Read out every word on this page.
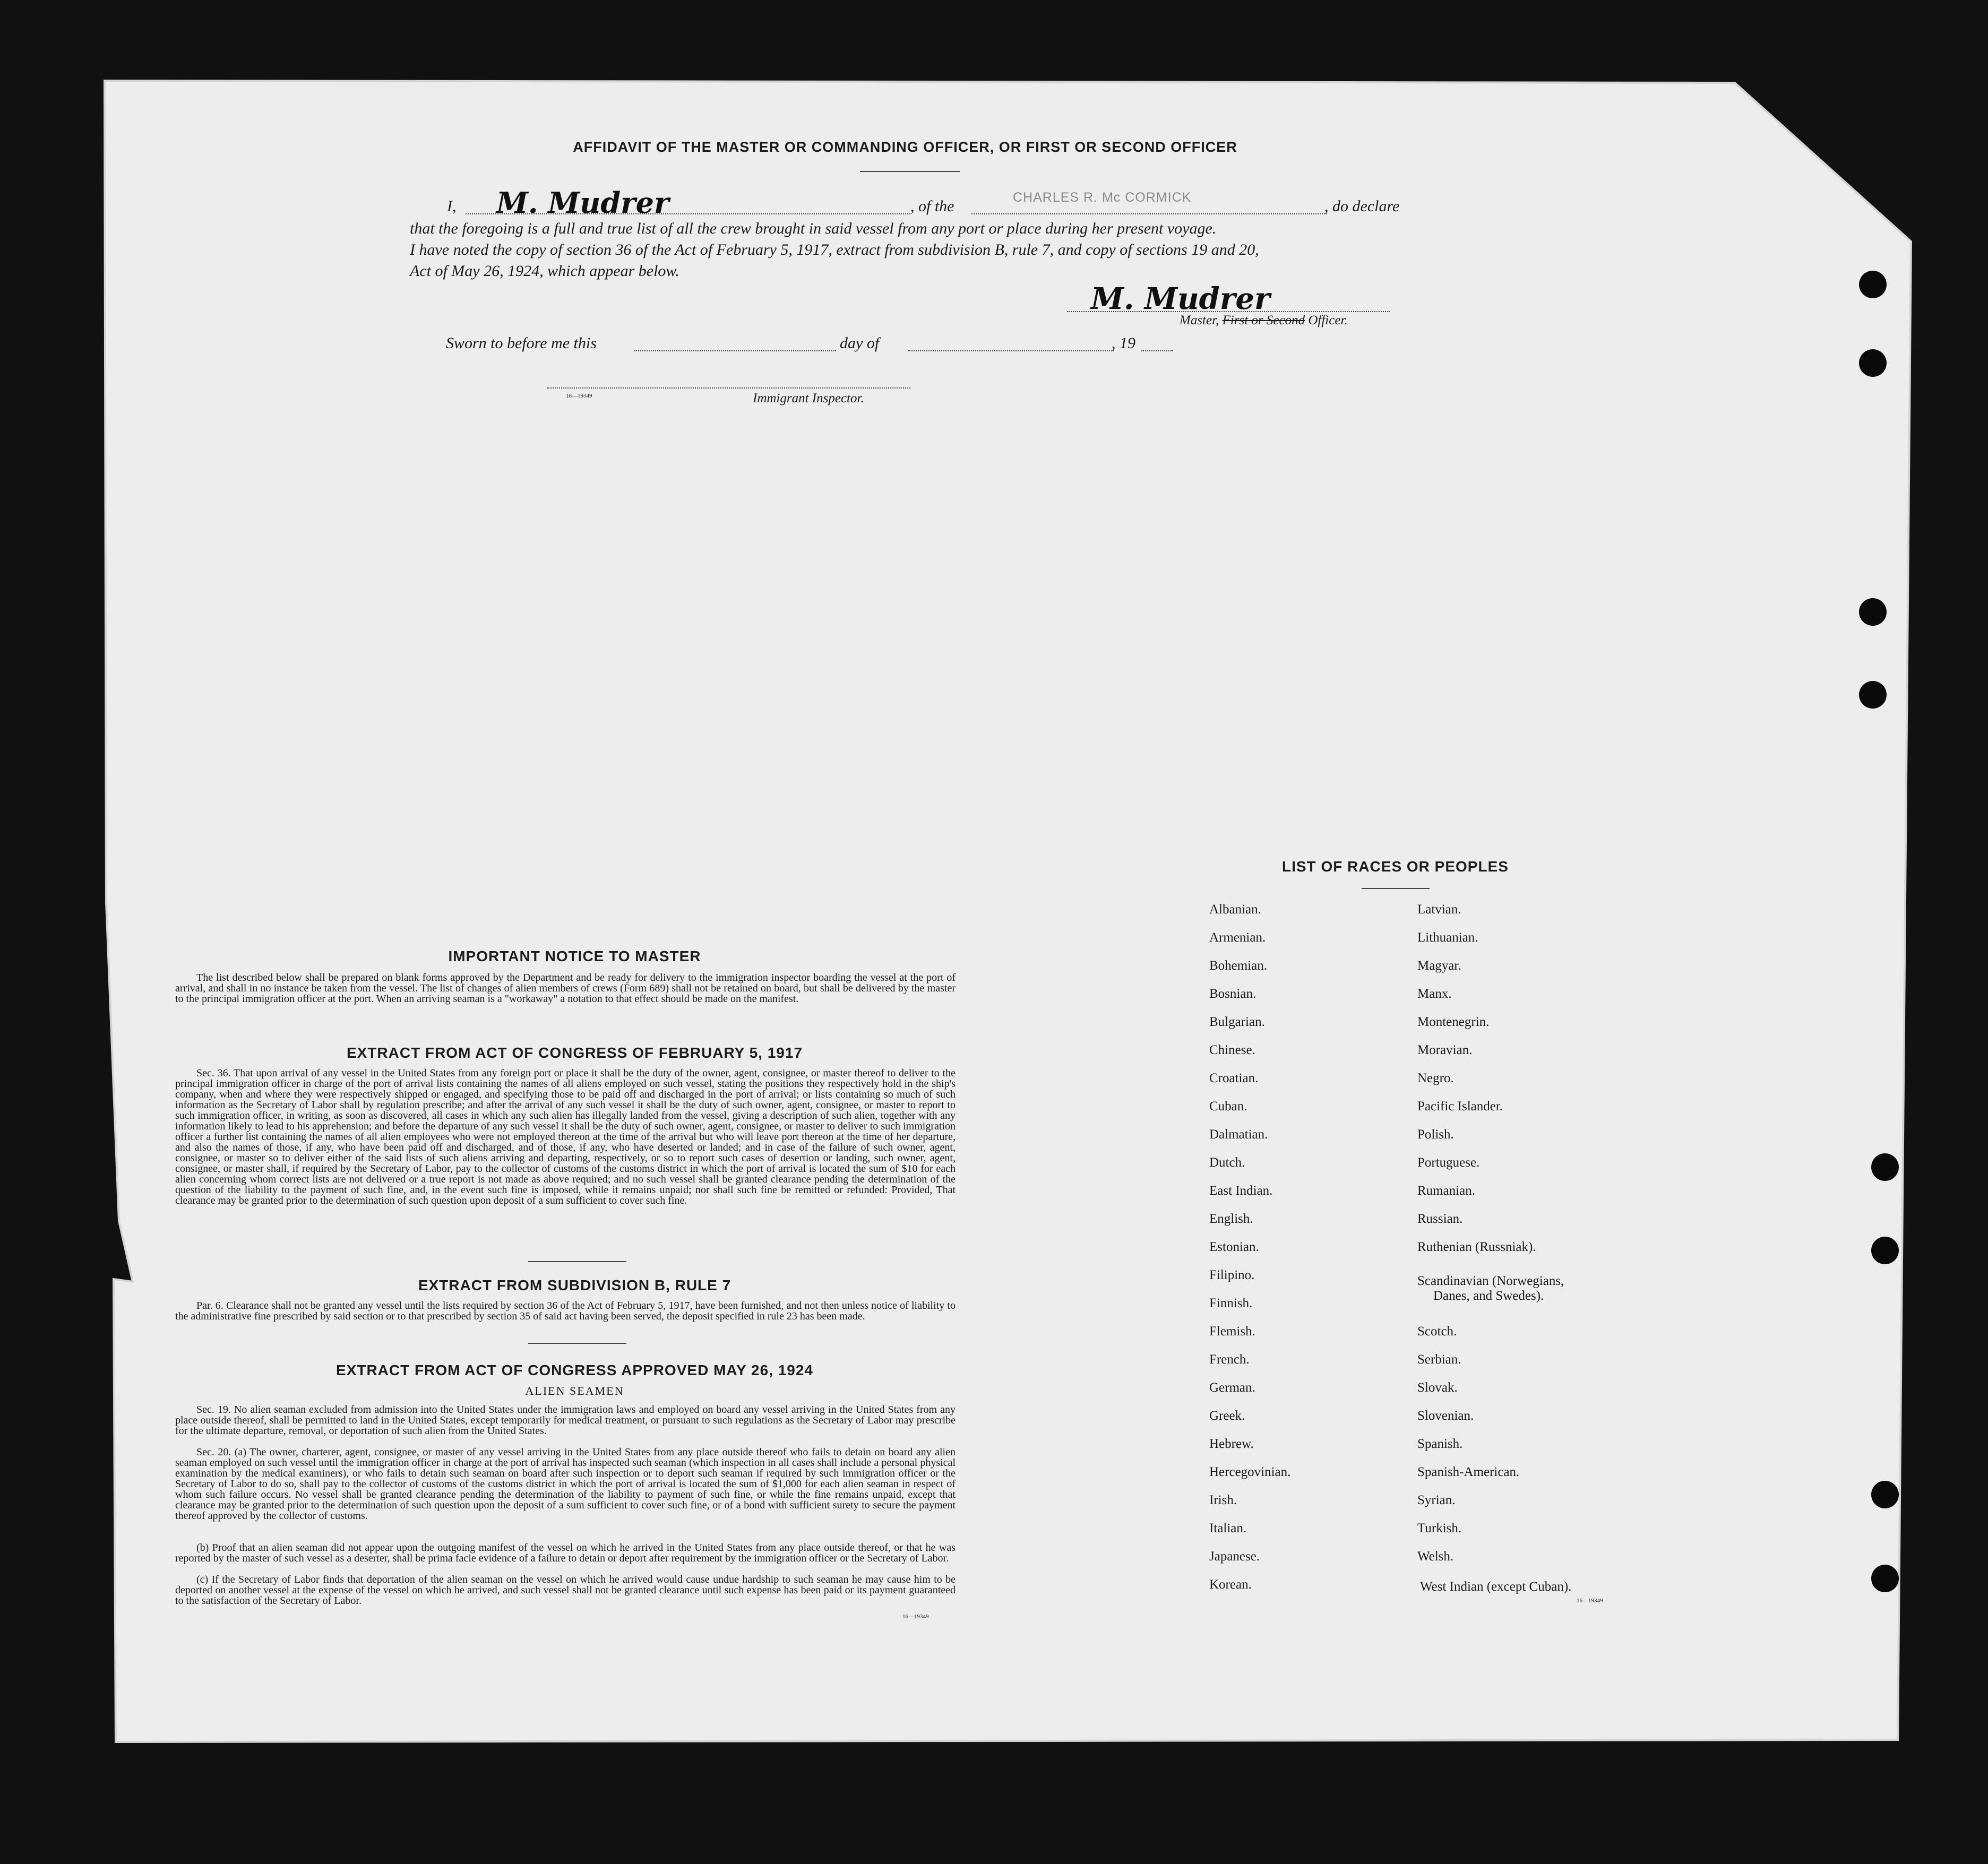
AFFIDAVIT OF THE MASTER OR COMMANDING OFFICER, OR FIRST OR SECOND OFFICER
I, M. Mudrer	, of the	CHARLES R. Mc CORMICK	, do declare
that the foregoing is a full and true list of all the crew brought in said vessel from any port or place during her present voyage.
I have noted the copy of section 36 of the Act of February 5, 1917, extract from subdivision B, rule 7, and copy of sections 19 and 20,
Act of May 26, 1924, which appear below.
M. Mudrer
Master, First or Second Officer.
Sworn to before me this	day of	, 19
16—19349	Immigrant Inspector.
IMPORTANT NOTICE TO MASTER
The list described below shall be prepared on blank forms approved by the Department and be ready for delivery to the immigration inspector boarding the vessel at the port of arrival, and shall in no instance be taken from the vessel. The list of changes of alien members of crews (Form 689) shall not be retained on board, but shall be delivered by the master to the principal immigration officer at the port. When an arriving seaman is a "workaway" a notation to that effect should be made on the manifest.
EXTRACT FROM ACT OF CONGRESS OF FEBRUARY 5, 1917
Sec. 36. That upon arrival of any vessel in the United States from any foreign port or place it shall be the duty of the owner, agent, consignee, or master thereof to deliver to the principal immigration officer in charge of the port of arrival lists containing the names of all aliens employed on such vessel, stating the positions they respectively hold in the ship's company, when and where they were respectively shipped or engaged, and specifying those to be paid off and discharged in the port of arrival; or lists containing so much of such information as the Secretary of Labor shall by regulation prescribe; and after the arrival of any such vessel it shall be the duty of such owner, agent, consignee, or master to report to such immigration officer, in writing, as soon as discovered, all cases in which any such alien has illegally landed from the vessel, giving a description of such alien, together with any information likely to lead to his apprehension; and before the departure of any such vessel it shall be the duty of such owner, agent, consignee, or master to deliver to such immigration officer a further list containing the names of all alien employees who were not employed thereon at the time of the arrival but who will leave port thereon at the time of her departure, and also the names of those, if any, who have been paid off and discharged, and of those, if any, who have deserted or landed; and in case of the failure of such owner, agent, consignee, or master so to deliver either of the said lists of such aliens arriving and departing, respectively, or so to report such cases of desertion or landing, such owner, agent, consignee, or master shall, if required by the Secretary of Labor, pay to the collector of customs of the customs district in which the port of arrival is located the sum of $10 for each alien concerning whom correct lists are not delivered or a true report is not made as above required; and no such vessel shall be granted clearance pending the determination of the question of the liability to the payment of such fine, and, in the event such fine is imposed, while it remains unpaid; nor shall such fine be remitted or refunded: Provided, That clearance may be granted prior to the determination of such question upon deposit of a sum sufficient to cover such fine.
EXTRACT FROM SUBDIVISION B, RULE 7
Par. 6. Clearance shall not be granted any vessel until the lists required by section 36 of the Act of February 5, 1917, have been furnished, and not then unless notice of liability to the administrative fine prescribed by said section or to that prescribed by section 35 of said act having been served, the deposit specified in rule 23 has been made.
EXTRACT FROM ACT OF CONGRESS APPROVED MAY 26, 1924
ALIEN SEAMEN
Sec. 19. No alien seaman excluded from admission into the United States under the immigration laws and employed on board any vessel arriving in the United States from any place outside thereof, shall be permitted to land in the United States, except temporarily for medical treatment, or pursuant to such regulations as the Secretary of Labor may prescribe for the ultimate departure, removal, or deportation of such alien from the United States.
Sec. 20. (a) The owner, charterer, agent, consignee, or master of any vessel arriving in the United States from any place outside thereof who fails to detain on board any alien seaman employed on such vessel until the immigration officer in charge at the port of arrival has inspected such seaman (which inspection in all cases shall include a personal physical examination by the medical examiners), or who fails to detain such seaman on board after such inspection or to deport such seaman if required by such immigration officer or the Secretary of Labor to do so, shall pay to the collector of customs of the customs district in which the port of arrival is located the sum of $1,000 for each alien seaman in respect of whom such failure occurs. No vessel shall be granted clearance pending the determination of the liability to payment of such fine, or while the fine remains unpaid, except that clearance may be granted prior to the determination of such question upon the deposit of a sum sufficient to cover such fine, or of a bond with sufficient surety to secure the payment thereof approved by the collector of customs.
(b) Proof that an alien seaman did not appear upon the outgoing manifest of the vessel on which he arrived in the United States from any place outside thereof, or that he was reported by the master of such vessel as a deserter, shall be prima facie evidence of a failure to detain or deport after requirement by the immigration officer or the Secretary of Labor.
(c) If the Secretary of Labor finds that deportation of the alien seaman on the vessel on which he arrived would cause undue hardship to such seaman he may cause him to be deported on another vessel at the expense of the vessel on which he arrived, and such vessel shall not be granted clearance until such expense has been paid or its payment guaranteed to the satisfaction of the Secretary of Labor.
16—19349
LIST OF RACES OR PEOPLES
Albanian.
Armenian.
Bohemian.
Bosnian.
Bulgarian.
Chinese.
Croatian.
Cuban.
Dalmatian.
Dutch.
East Indian.
English.
Estonian.
Filipino.
Finnish.
Flemish.
French.
German.
Greek.
Hebrew.
Hercegovinian.
Irish.
Italian.
Japanese.
Korean.
Latvian.
Lithuanian.
Magyar.
Manx.
Montenegrin.
Moravian.
Negro.
Pacific Islander.
Polish.
Portuguese.
Rumanian.
Russian.
Ruthenian (Russniak).
Scandinavian (Norwegians,
Danes, and Swedes).
Scotch.
Serbian.
Slovak.
Slovenian.
Spanish.
Spanish-American.
Syrian.
Turkish.
Welsh.
West Indian (except Cuban).
16—19349
